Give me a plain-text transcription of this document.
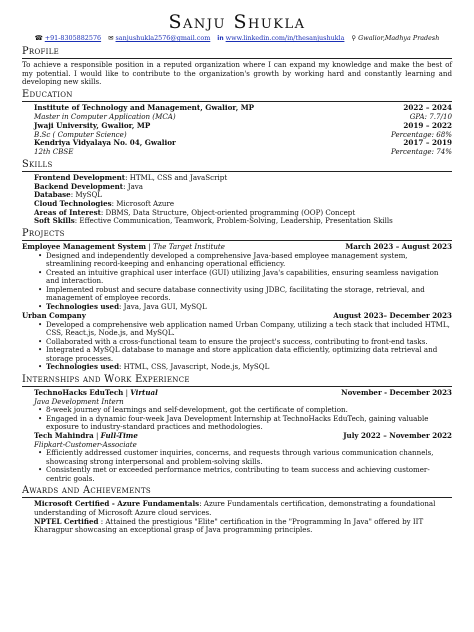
Sanju Shukla
☎ +91-8305882576 ✉ sanjushukla2576@gmail.com in www.linkedin.com/in/thesanjushukla ⚲ Gwalior,Madhya Pradesh
Profile
To achieve a responsible position in a reputed organization where I can expand my knowledge and make the best of my potential. I would like to contribute to the organization's growth by working hard and constantly learning and developing new skills.
Education
Institute of Technology and Management, Gwalior, MP	2022 – 2024
Master in Computer Application (MCA)	GPA: 7.7/10
Jwaji University, Gwalior, MP	2019 – 2022
B.Sc ( Computer Science)	Percentage: 68%
Kendriya Vidyalaya No. 04, Gwalior	2017 – 2019
12th CBSE	Percentage: 74%
Skills
Frontend Development: HTML, CSS and JavaScript
Backend Development: Java
Database: MySQL
Cloud Technologies: Microsoft Azure
Areas of Interest: DBMS, Data Structure, Object-oriented programming (OOP) Concept
Soft Skills: Effective Communication, Teamwork, Problem-Solving, Leadership, Presentation Skills
Projects
Employee Management System | The Target Institute	March 2023 – August 2023
• Designed and independently developed a comprehensive Java-based employee management system, streamlining record-keeping and enhancing operational efficiency.
• Created an intuitive graphical user interface (GUI) utilizing Java's capabilities, ensuring seamless navigation and interaction.
• Implemented robust and secure database connectivity using JDBC, facilitating the storage, retrieval, and management of employee records.
• Technologies used: Java, Java GUI, MySQL
Urban Company	August 2023– December 2023
• Developed a comprehensive web application named Urban Company, utilizing a tech stack that included HTML, CSS, React.js, Node.js, and MySQL.
• Collaborated with a cross-functional team to ensure the project's success, contributing to front-end tasks.
• Integrated a MySQL database to manage and store application data efficiently, optimizing data retrieval and storage processes.
• Technologies used: HTML, CSS, Javascript, Node.js, MySQL
Internships and Work Experience
TechnoHacks EduTech | Virtual	November - December 2023
Java Development Intern
• 8-week journey of learnings and self-development, got the certificate of completion.
• Engaged in a dynamic four-week Java Development Internship at TechnoHacks EduTech, gaining valuable exposure to industry-standard practices and methodologies.
Tech Mahindra | Full-Time	July 2022 – November 2022
Flipkart-Customer-Associate
• Efficiently addressed customer inquiries, concerns, and requests through various communication channels, showcasing strong interpersonal and problem-solving skills.
• Consistently met or exceeded performance metrics, contributing to team success and achieving customer-centric goals.
Awards and Achievements
Microsoft Certified - Azure Fundamentals: Azure Fundamentals certification, demonstrating a foundational understanding of Microsoft Azure cloud services.
NPTEL Certified : Attained the prestigious "Elite" certification in the "Programming In Java" offered by IIT Kharagpur showcasing an exceptional grasp of Java programming principles.
